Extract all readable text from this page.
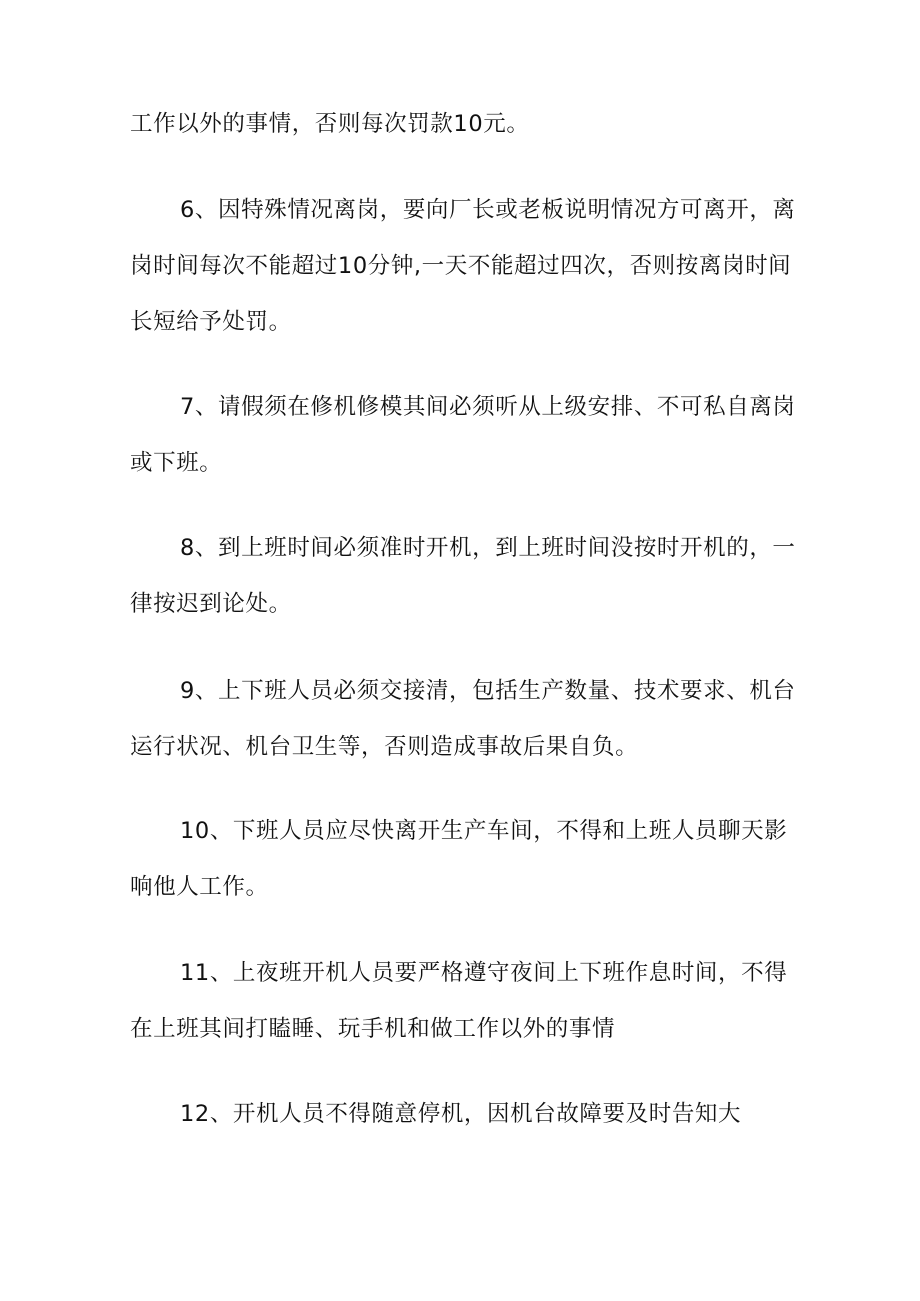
工作以外的事情，否则每次罚款10元。

6、因特殊情况离岗，要向厂长或老板说明情况方可离开，离岗时间每次不能超过10分钟,一天不能超过四次，否则按离岗时间长短给予处罚。

7、请假须在修机修模其间必须听从上级安排、不可私自离岗或下班。

8、到上班时间必须准时开机，到上班时间没按时开机的，一律按迟到论处。

9、上下班人员必须交接清，包括生产数量、技术要求、机台运行状况、机台卫生等，否则造成事故后果自负。

10、下班人员应尽快离开生产车间，不得和上班人员聊天影响他人工作。

11、上夜班开机人员要严格遵守夜间上下班作息时间，不得在上班其间打瞌睡、玩手机和做工作以外的事情

12、开机人员不得随意停机，因机台故障要及时告知大
